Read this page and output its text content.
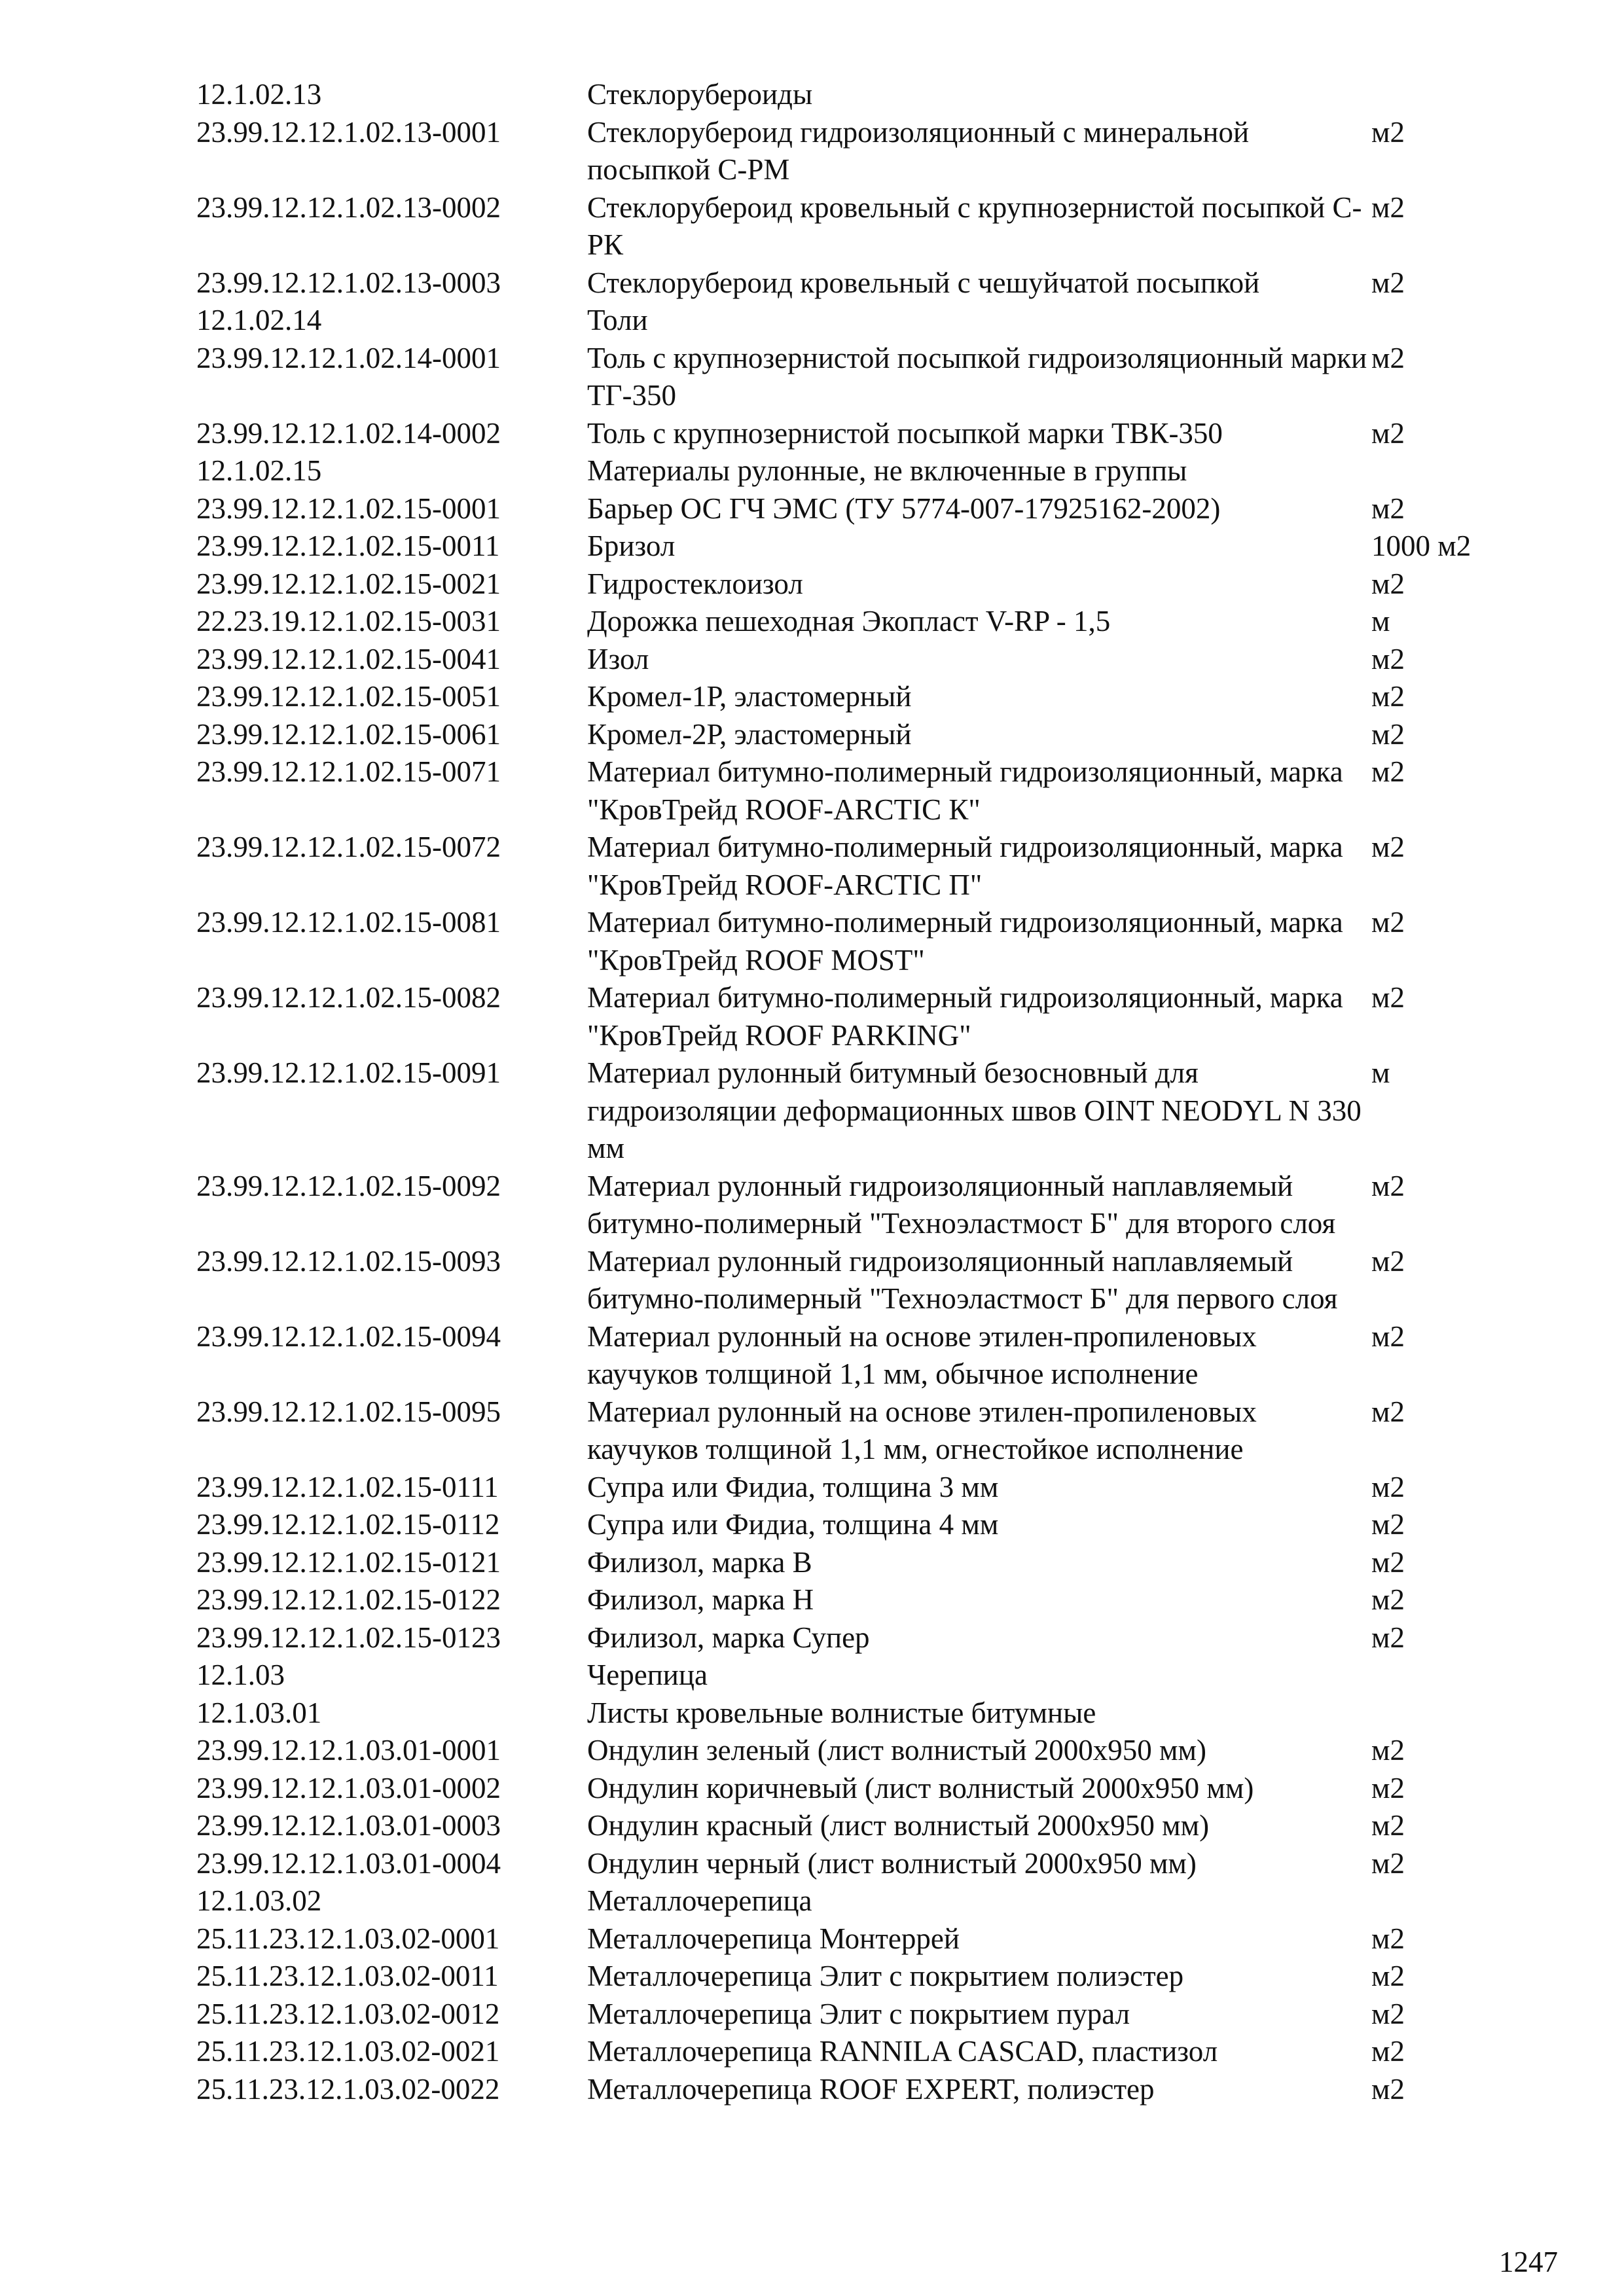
12.1.02.13	Стеклорубероиды	
23.99.12.12.1.02.13-0001	Стеклорубероид гидроизоляционный с минеральной посыпкой С-РМ	м2
23.99.12.12.1.02.13-0002	Стеклорубероид кровельный с крупнозернистой посыпкой С-РК	м2
23.99.12.12.1.02.13-0003	Стеклорубероид кровельный с чешуйчатой посыпкой	м2
12.1.02.14	Толи	
23.99.12.12.1.02.14-0001	Толь с крупнозернистой посыпкой гидроизоляционный марки ТГ-350	м2
23.99.12.12.1.02.14-0002	Толь с крупнозернистой посыпкой марки ТВК-350	м2
12.1.02.15	Материалы рулонные, не включенные в группы	
23.99.12.12.1.02.15-0001	Барьер ОС ГЧ ЭМС (ТУ 5774-007-17925162-2002)	м2
23.99.12.12.1.02.15-0011	Бризол	1000 м2
23.99.12.12.1.02.15-0021	Гидростеклоизол	м2
22.23.19.12.1.02.15-0031	Дорожка пешеходная Экопласт V-RP - 1,5	м
23.99.12.12.1.02.15-0041	Изол	м2
23.99.12.12.1.02.15-0051	Кромел-1Р, эластомерный	м2
23.99.12.12.1.02.15-0061	Кромел-2Р, эластомерный	м2
23.99.12.12.1.02.15-0071	Материал битумно-полимерный гидроизоляционный, марка "КровТрейд ROOF-ARCTIC К"	м2
23.99.12.12.1.02.15-0072	Материал битумно-полимерный гидроизоляционный, марка "КровТрейд ROOF-ARCTIC П"	м2
23.99.12.12.1.02.15-0081	Материал битумно-полимерный гидроизоляционный, марка "КровТрейд ROOF MOST"	м2
23.99.12.12.1.02.15-0082	Материал битумно-полимерный гидроизоляционный, марка "КровТрейд ROOF PARKING"	м2
23.99.12.12.1.02.15-0091	Материал рулонный битумный безосновный для гидроизоляции деформационных швов OINT NEODYL N 330 мм	м
23.99.12.12.1.02.15-0092	Материал рулонный гидроизоляционный наплавляемый битумно-полимерный "Техноэластмост Б" для второго слоя	м2
23.99.12.12.1.02.15-0093	Материал рулонный гидроизоляционный наплавляемый битумно-полимерный "Техноэластмост Б" для первого слоя	м2
23.99.12.12.1.02.15-0094	Материал рулонный на основе этилен-пропиленовых каучуков толщиной 1,1 мм, обычное исполнение	м2
23.99.12.12.1.02.15-0095	Материал рулонный на основе этилен-пропиленовых каучуков толщиной 1,1 мм, огнестойкое исполнение	м2
23.99.12.12.1.02.15-0111	Супра или Фидиа, толщина 3 мм	м2
23.99.12.12.1.02.15-0112	Супра или Фидиа, толщина 4 мм	м2
23.99.12.12.1.02.15-0121	Филизол, марка В	м2
23.99.12.12.1.02.15-0122	Филизол, марка Н	м2
23.99.12.12.1.02.15-0123	Филизол, марка Супер	м2
12.1.03	Черепица	
12.1.03.01	Листы кровельные волнистые битумные	
23.99.12.12.1.03.01-0001	Ондулин зеленый (лист волнистый 2000х950 мм)	м2
23.99.12.12.1.03.01-0002	Ондулин коричневый (лист волнистый 2000х950 мм)	м2
23.99.12.12.1.03.01-0003	Ондулин красный (лист волнистый 2000х950 мм)	м2
23.99.12.12.1.03.01-0004	Ондулин черный (лист волнистый 2000х950 мм)	м2
12.1.03.02	Металлочерепица	
25.11.23.12.1.03.02-0001	Металлочерепица Монтеррей	м2
25.11.23.12.1.03.02-0011	Металлочерепица Элит с покрытием полиэстер	м2
25.11.23.12.1.03.02-0012	Металлочерепица Элит с покрытием пурал	м2
25.11.23.12.1.03.02-0021	Металлочерепица RANNILA CASCAD, пластизол	м2
25.11.23.12.1.03.02-0022	Металлочерепица ROOF EXPERT, полиэстер	м2
1247
